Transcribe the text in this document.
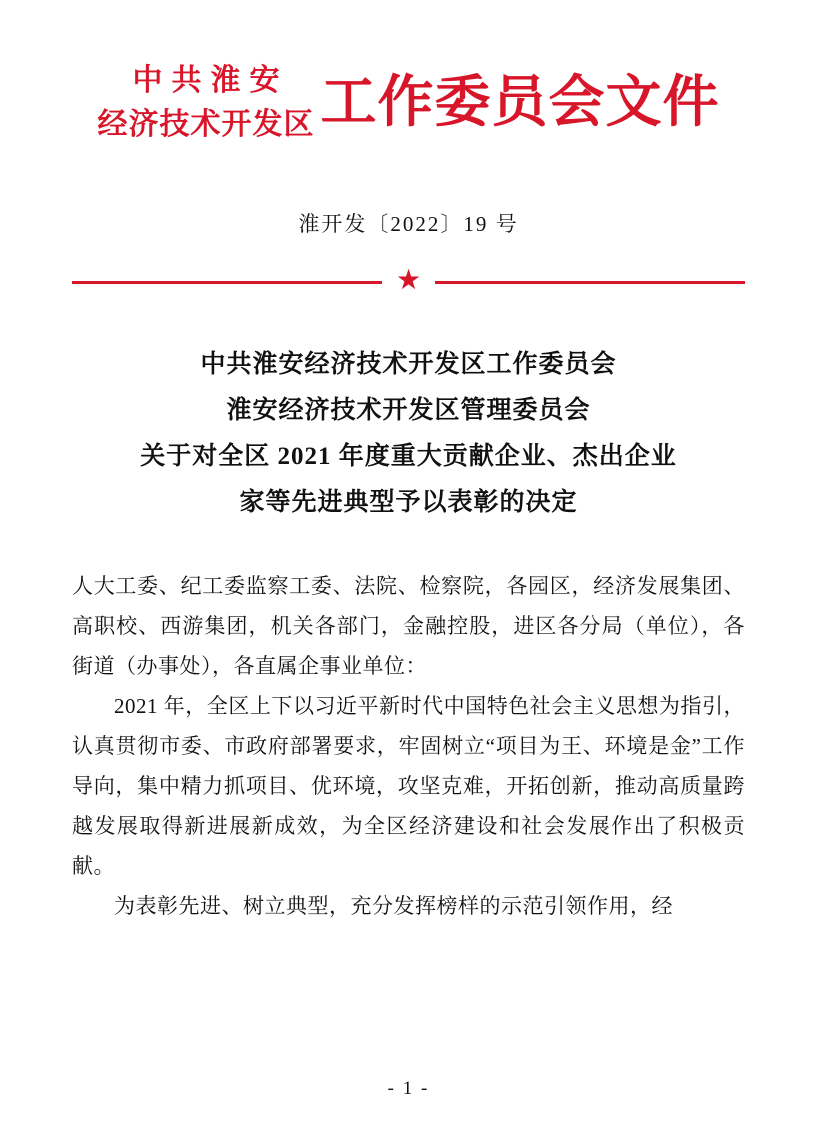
中共淮安
经济技术开发区 工作委员会文件
淮开发〔2022〕19 号
★
中共淮安经济技术开发区工作委员会
淮安经济技术开发区管理委员会
关于对全区 2021 年度重大贡献企业、杰出企业
家等先进典型予以表彰的决定

人大工委、纪工委监察工委、法院、检察院，各园区，经济发展集团、高职校、西游集团，机关各部门，金融控股，进区各分局（单位），各街道（办事处），各直属企事业单位：

2021 年，全区上下以习近平新时代中国特色社会主义思想为指引，认真贯彻市委、市政府部署要求，牢固树立“项目为王、环境是金”工作导向，集中精力抓项目、优环境，攻坚克难，开拓创新，推动高质量跨越发展取得新进展新成效，为全区经济建设和社会发展作出了积极贡献。

为表彰先进、树立典型，充分发挥榜样的示范引领作用，经

- 1 -
